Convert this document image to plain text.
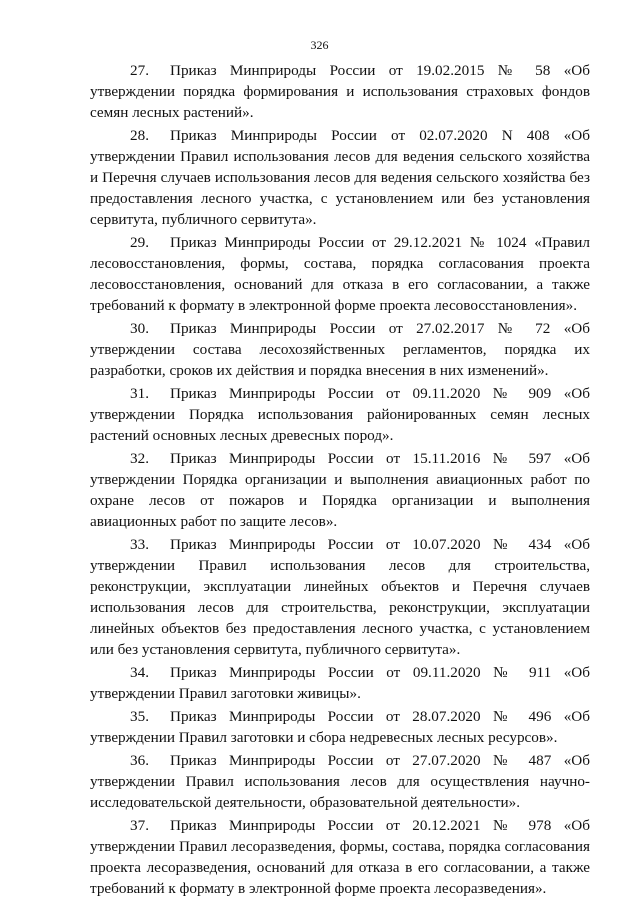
326

27. Приказ Минприроды России от 19.02.2015 № 58 «Об утверждении порядка формирования и использования страховых фондов семян лесных растений».

28. Приказ Минприроды России от 02.07.2020 N 408 «Об утверждении Правил использования лесов для ведения сельского хозяйства и Перечня случаев использования лесов для ведения сельского хозяйства без предоставления лесного участка, с установлением или без установления сервитута, публичного сервитута».

29. Приказ Минприроды России от 29.12.2021 № 1024 «Правил лесовосстановления, формы, состава, порядка согласования проекта лесовосстановления, оснований для отказа в его согласовании, а также требований к формату в электронной форме проекта лесовосстановления».

30. Приказ Минприроды России от 27.02.2017 № 72 «Об утверждении состава лесохозяйственных регламентов, порядка их разработки, сроков их действия и порядка внесения в них изменений».

31. Приказ Минприроды России от 09.11.2020 № 909 «Об утверждении Порядка использования районированных семян лесных растений основных лесных древесных пород».

32. Приказ Минприроды России от 15.11.2016 № 597 «Об утверждении Порядка организации и выполнения авиационных работ по охране лесов от пожаров и Порядка организации и выполнения авиационных работ по защите лесов».

33. Приказ Минприроды России от 10.07.2020 № 434 «Об утверждении Правил использования лесов для строительства, реконструкции, эксплуатации линейных объектов и Перечня случаев использования лесов для строительства, реконструкции, эксплуатации линейных объектов без предоставления лесного участка, с установлением или без установления сервитута, публичного сервитута».

34. Приказ Минприроды России от 09.11.2020 № 911 «Об утверждении Правил заготовки живицы».

35. Приказ Минприроды России от 28.07.2020 № 496 «Об утверждении Правил заготовки и сбора недревесных лесных ресурсов».

36. Приказ Минприроды России от 27.07.2020 № 487 «Об утверждении Правил использования лесов для осуществления научно-исследовательской деятельности, образовательной деятельности».

37. Приказ Минприроды России от 20.12.2021 № 978 «Об утверждении Правил лесоразведения, формы, состава, порядка согласования проекта лесоразведения, оснований для отказа в его согласовании, а также требований к формату в электронной форме проекта лесоразведения».
